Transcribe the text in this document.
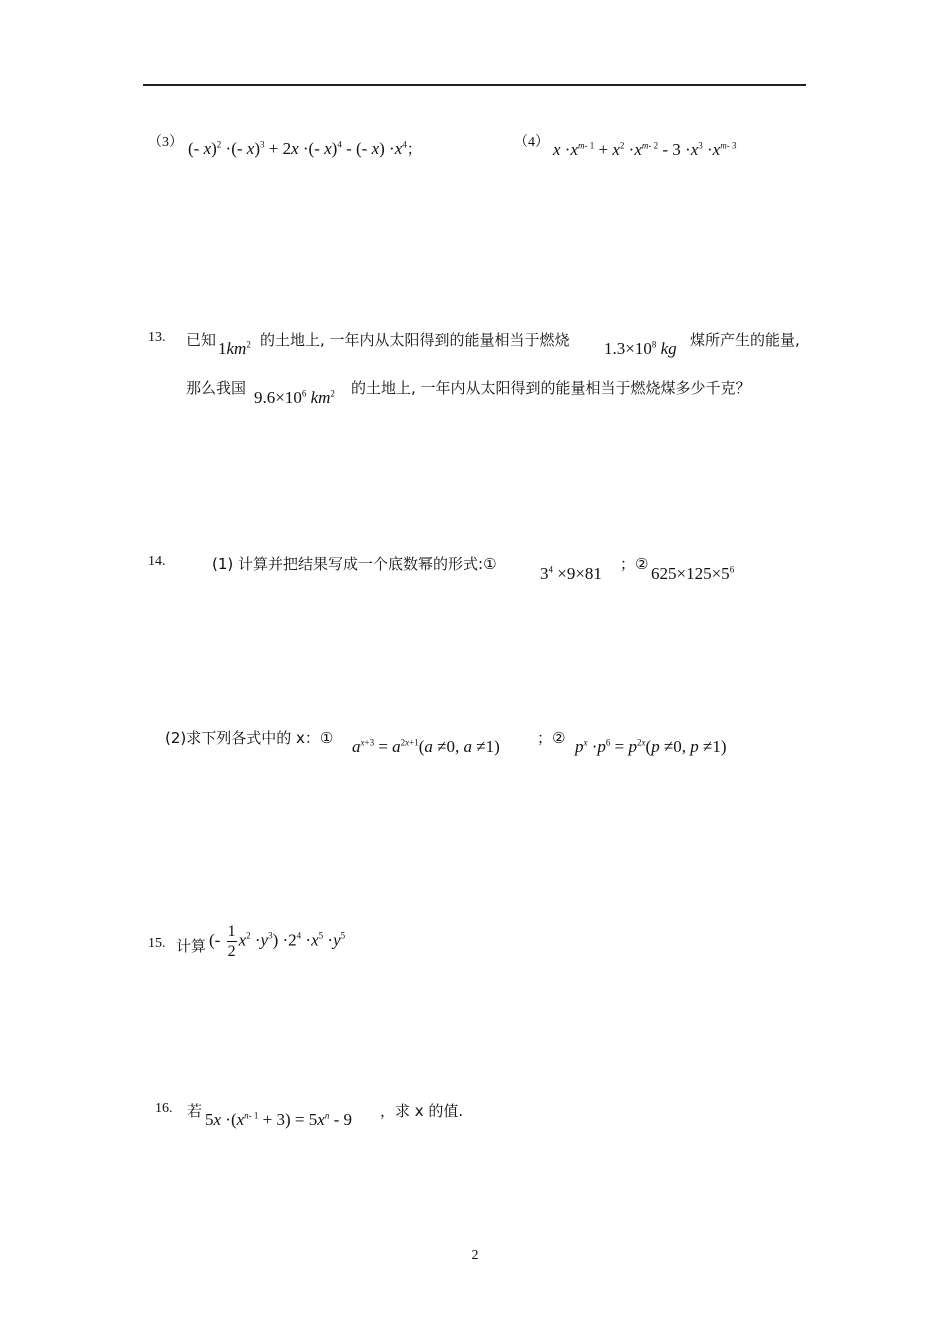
（3） (- x)$^2$ ·(- x)$^3$ + 2x ·(- x)$^4$ - (- $x) \cdot x^4$；	（4） $x \cdot x^{m- 1} + x^2 \cdot x^{m- 2} - 3 \cdot x^3 \cdot x^{m- 3}$
13. 已知 $1km^2$ 的土地上, 一年内从太阳得到的能量相当于燃烧 $1.3\times 10^8$ kg 煤所产生的能量,
那么我国 $9.6\times 10^6$ $km^2$ 的土地上, 一年内从太阳得到的能量相当于燃烧煤多少千克？
14.	(1) 计算并把结果写成一个底数幂的形式:①	$3^4 \times 9\times 81$ ；② $625\times 125\times 5^6$
(2)求下列各式中的 x：① $a^{x+3} = a^{2x+1}(a \ne 0$, a ≠1) ；② $p^x \cdot p^6 = p^{2x}(p \ne 0$, p ≠1)
15. 计算 (- $\frac{1}{2} x^2 \cdot y^3) \cdot 2^4 \cdot x^5 \cdot y^5$
16. 若 $5x \cdot(x^{n- 1} + 3) = 5x^n - 9$ ，求 x 的值.
2
